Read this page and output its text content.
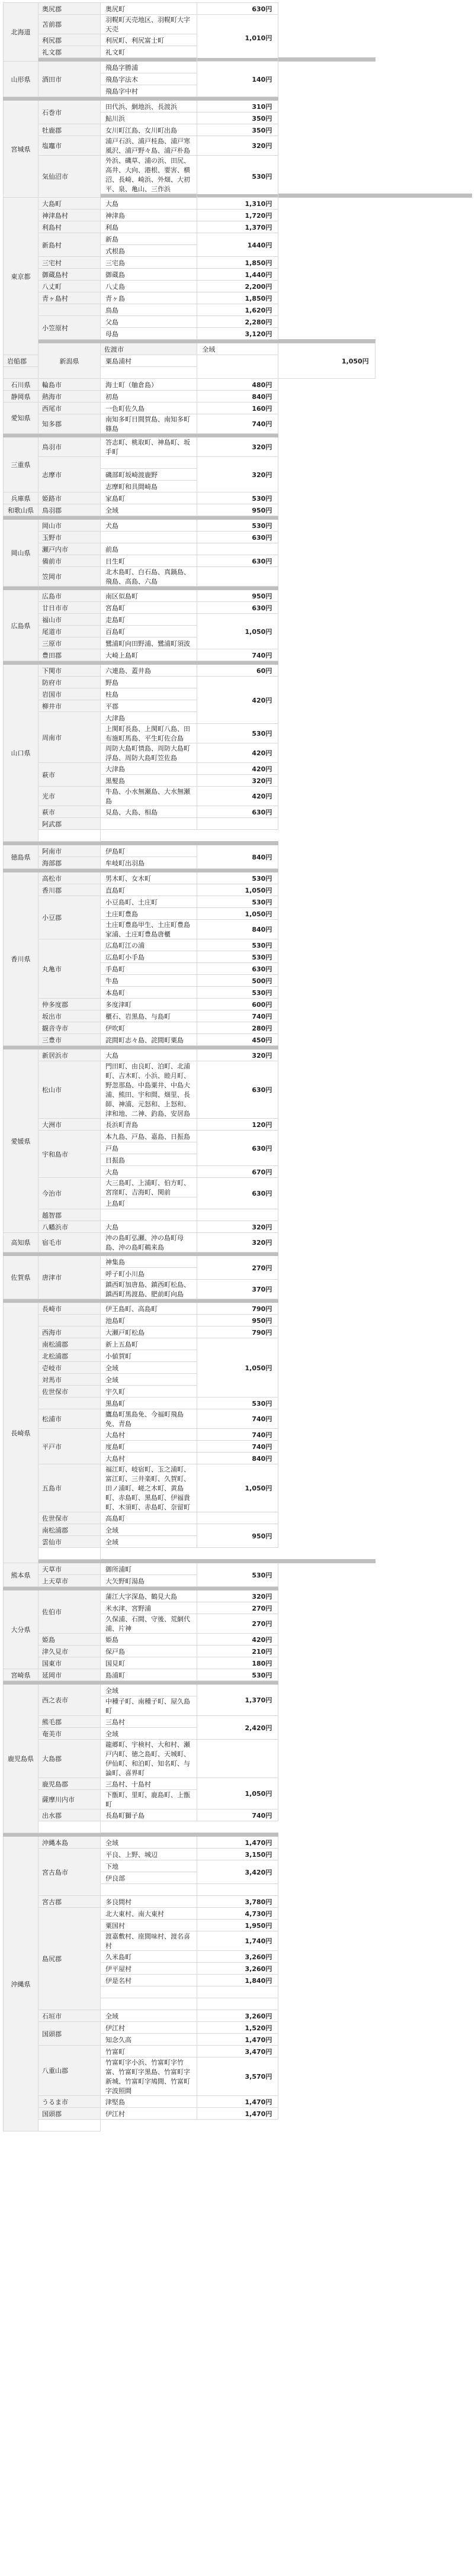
北海道	奥尻郡	奥尻町	630円	
	苫前郡	羽幌町天売地区、羽幌町大字天売	1,010円	
	利尻郡	利尻町、利尻富士町		
	礼文郡	礼文町		

山形県	酒田市	飛島字勝浦	140円	
		飛島字法木		
		飛島字中村		

宮城県	石巻市	田代浜、網地浜、長渡浜	310円	
		鮎川浜	350円	
	牡鹿郡	女川町江島、女川町出島	350円	
	塩竈市	浦戸石浜、浦戸桂島、浦戸寒風沢、浦戸野々島、浦戸朴島	320円	
	気仙沼市	外浜、磯草、浦の浜、田尻、高井、大向、港根、要害、横沼、長崎、崎浜、外畑、大初平、泉、亀山、三作浜	530円	

東京都	大島町	大島	1,310円	
	神津島村	神津島	1,720円	
	利島村	利島	1,370円	
	新島村	新島	1440円	
		式根島		
	三宅村	三宅島	1,850円	
	御蔵島村	御蔵島	1,440円	
	八丈町	八丈島	2,200円	
	青ヶ島村	青ヶ島	1,850円	
		鳥島	1,620円	
	小笠原村	父島	2,280円	
		母島	3,120円	

	新潟県	佐渡市	全域	1,050円
岩船郡		粟島浦村		

石川県	輪島市	海士町（舳倉島）	480円	
静岡県	熱海市	初島	840円	
愛知県	西尾市	一色町佐久島	160円	
	知多郡	南知多町日間賀島、南知多町篠島	740円	

三重県	鳥羽市	答志町、桃取町、神島町、坂手町	320円	
	志摩市		320円	
		磯部町坂崎渡鹿野		
		志摩町和具間崎島		
兵庫県	姫路市	家島町	530円	
和歌山県	鳥羽郡	全域	950円	

岡山県	岡山市	犬島	530円	
	玉野市		630円	
	瀬戸内市	前島		
	備前市	日生町	630円	
	笠岡市	北木島町、白石島、真鍋島、飛島、高島、六島		

広島県	広島市	南区似島町	950円	
	廿日市市	宮島町	630円	
	福山市	走島町	1,050円	
	尾道市	百島町		
	三原市	鷺浦町向田野浦、鷺浦町須波		
	豊田郡	大崎上島町	740円	

山口県	下関市	六連島、蓋井島	60円	
	防府市	野島	420円	
	岩国市	柱島		
	柳井市	平郡		
	周南市	大津島		
		上関町長島、上関町八島、田布施町馬島、平生町佐合島	530円	
		周防大島町情島、周防大島町浮島、周防大島町笠佐島	420円	
	萩市	大津島	420円	
		黒髪島	320円	
	光市	牛島、小水無瀬島、大水無瀬島	420円	
	萩市	見島、大島、相島	630円	
	阿武郡			

徳島県	阿南市	伊島町	840円	
	海部郡	牟岐町出羽島		

香川県	高松市	男木町、女木町	530円	
	香川郡	直島町	1,050円	
	小豆郡	小豆島町、土庄町	530円	
		土庄町豊島	1,050円	
		土庄町豊島甲生、土庄町豊島家浦、土庄町豊島唐櫃	840円	
	丸亀市	広島町江の浦	530円	
		広島町小手島	530円	
		手島町	630円	
		牛島	500円	
		本島町	530円	
	仲多度郡	多度津町	600円	
	坂出市	櫃石、岩黒島、与島町	740円	
	観音寺市	伊吹町	280円	
	三豊市	詫間町志々島、詫間町粟島	450円	

愛媛県	新居浜市	大島	320円	
	松山市	門田町、由良町、泊町、北浦町、吉木町、小浜、睦月町、野忽那島、中島粟井、中島大浦、熊田、宇和間、畑里、長師、神浦、元怒和、上怒和、津和地、二神、釣島、安居島	630円	
	大洲市	長浜町青島	120円	
	宇和島市	本九島、戸島、嘉島、日振島	630円	
		戸島		
		日振島		
		大島	670円	
	今治市	大三島町、上浦町、伯方町、宮窪町、吉海町、関前	630円	
		上島町		
	越智郡			
	八幡浜市	大島	320円	
高知県	宿毛市	沖の島町弘瀬、沖の島町母島、沖の島町鵜来島	320円	

佐賀県	唐津市	神集島	270円	
		呼子町小川島		
		鎮西町加唐島、鎮西町松島、鎮西町馬渡島、肥前町向島	370円	

長崎県	長崎市	伊王島町、高島町	790円	
		池島町	950円	
	西海市	大瀬戸町松島	790円	
	南松浦郡	新上五島町	1,050円	
	北松浦郡	小値賀町		
	壱岐市	全域		
	対馬市	全域		
	佐世保市	宇久町		
		黒島町	530円	
	松浦市	鷹島町黒島免、今福町飛島免、青島	740円	
	平戸市	大島村	740円	
		度島町	740円	
		大島村	840円	
	五島市	福江町、岐宿町、玉之浦町、富江町、三井楽町、久賀町、田ノ浦町、嵯之木町、黄島町、赤島町、黒島町、伊福貴町、木須町、赤島町、奈留町	1,050円	
	佐世保市	高島町		
	南松浦郡	全域	950円	
	雲仙市	全域		

熊本県	天草市	御所浦町	530円	
	上天草市	大矢野町湯島		

大分県	佐伯市	蒲江大字深島、鶴見大島	320円	
		米水津、宮野浦	270円	
		久保浦、石間、守後、荒網代浦、片神	270円	
	姫島	姫島	420円	
	津久見市	保戸島	210円	
	国東市	国見町	180円	
宮崎県	延岡市	島浦町	530円	

鹿児島県	西之表市	全域	1,370円	
		中種子町、南種子町、屋久島町		
	熊毛郡	三島村	2,420円	
	奄美市	全域		
	大島郡	龍郷町、宇検村、大和村、瀬戸内町、徳之島町、天城町、伊仙町、和泊町、知名町、与論町、喜界町		
	鹿児島郡	三島村、十島村	1,050円	
	薩摩川内市	下甑町、里町、鹿島町、上甑町		
	出水郡	長島町獅子島	740円	

沖縄県	沖縄本島	全域	1,470円	
	宮古島市	平良、上野、城辺	3,150円	
		下地	3,420円	
		伊良部		

	宮古郡	多良間村	3,780円	
	島尻郡	北大東村、南大東村	4,730円	
		粟国村	1,950円	
		渡嘉敷村、座間味村、渡名喜村	1,740円	
		久米島町	3,260円	
		伊平屋村	3,260円	
		伊是名村	1,840円	

	石垣市	全域	3,260円	
	国頭郡	伊江村	1,520円	
		知念久高	1,470円	
	八重山郡	竹富町	3,470円	
		竹富町字小浜、竹富町字竹富、竹富町字黒島、竹富町字新城、竹富町字鳩間、竹富町字波照間	3,570円	
	うるま市	津堅島	1,470円	
	国頭郡	伊江村	1,470円	
